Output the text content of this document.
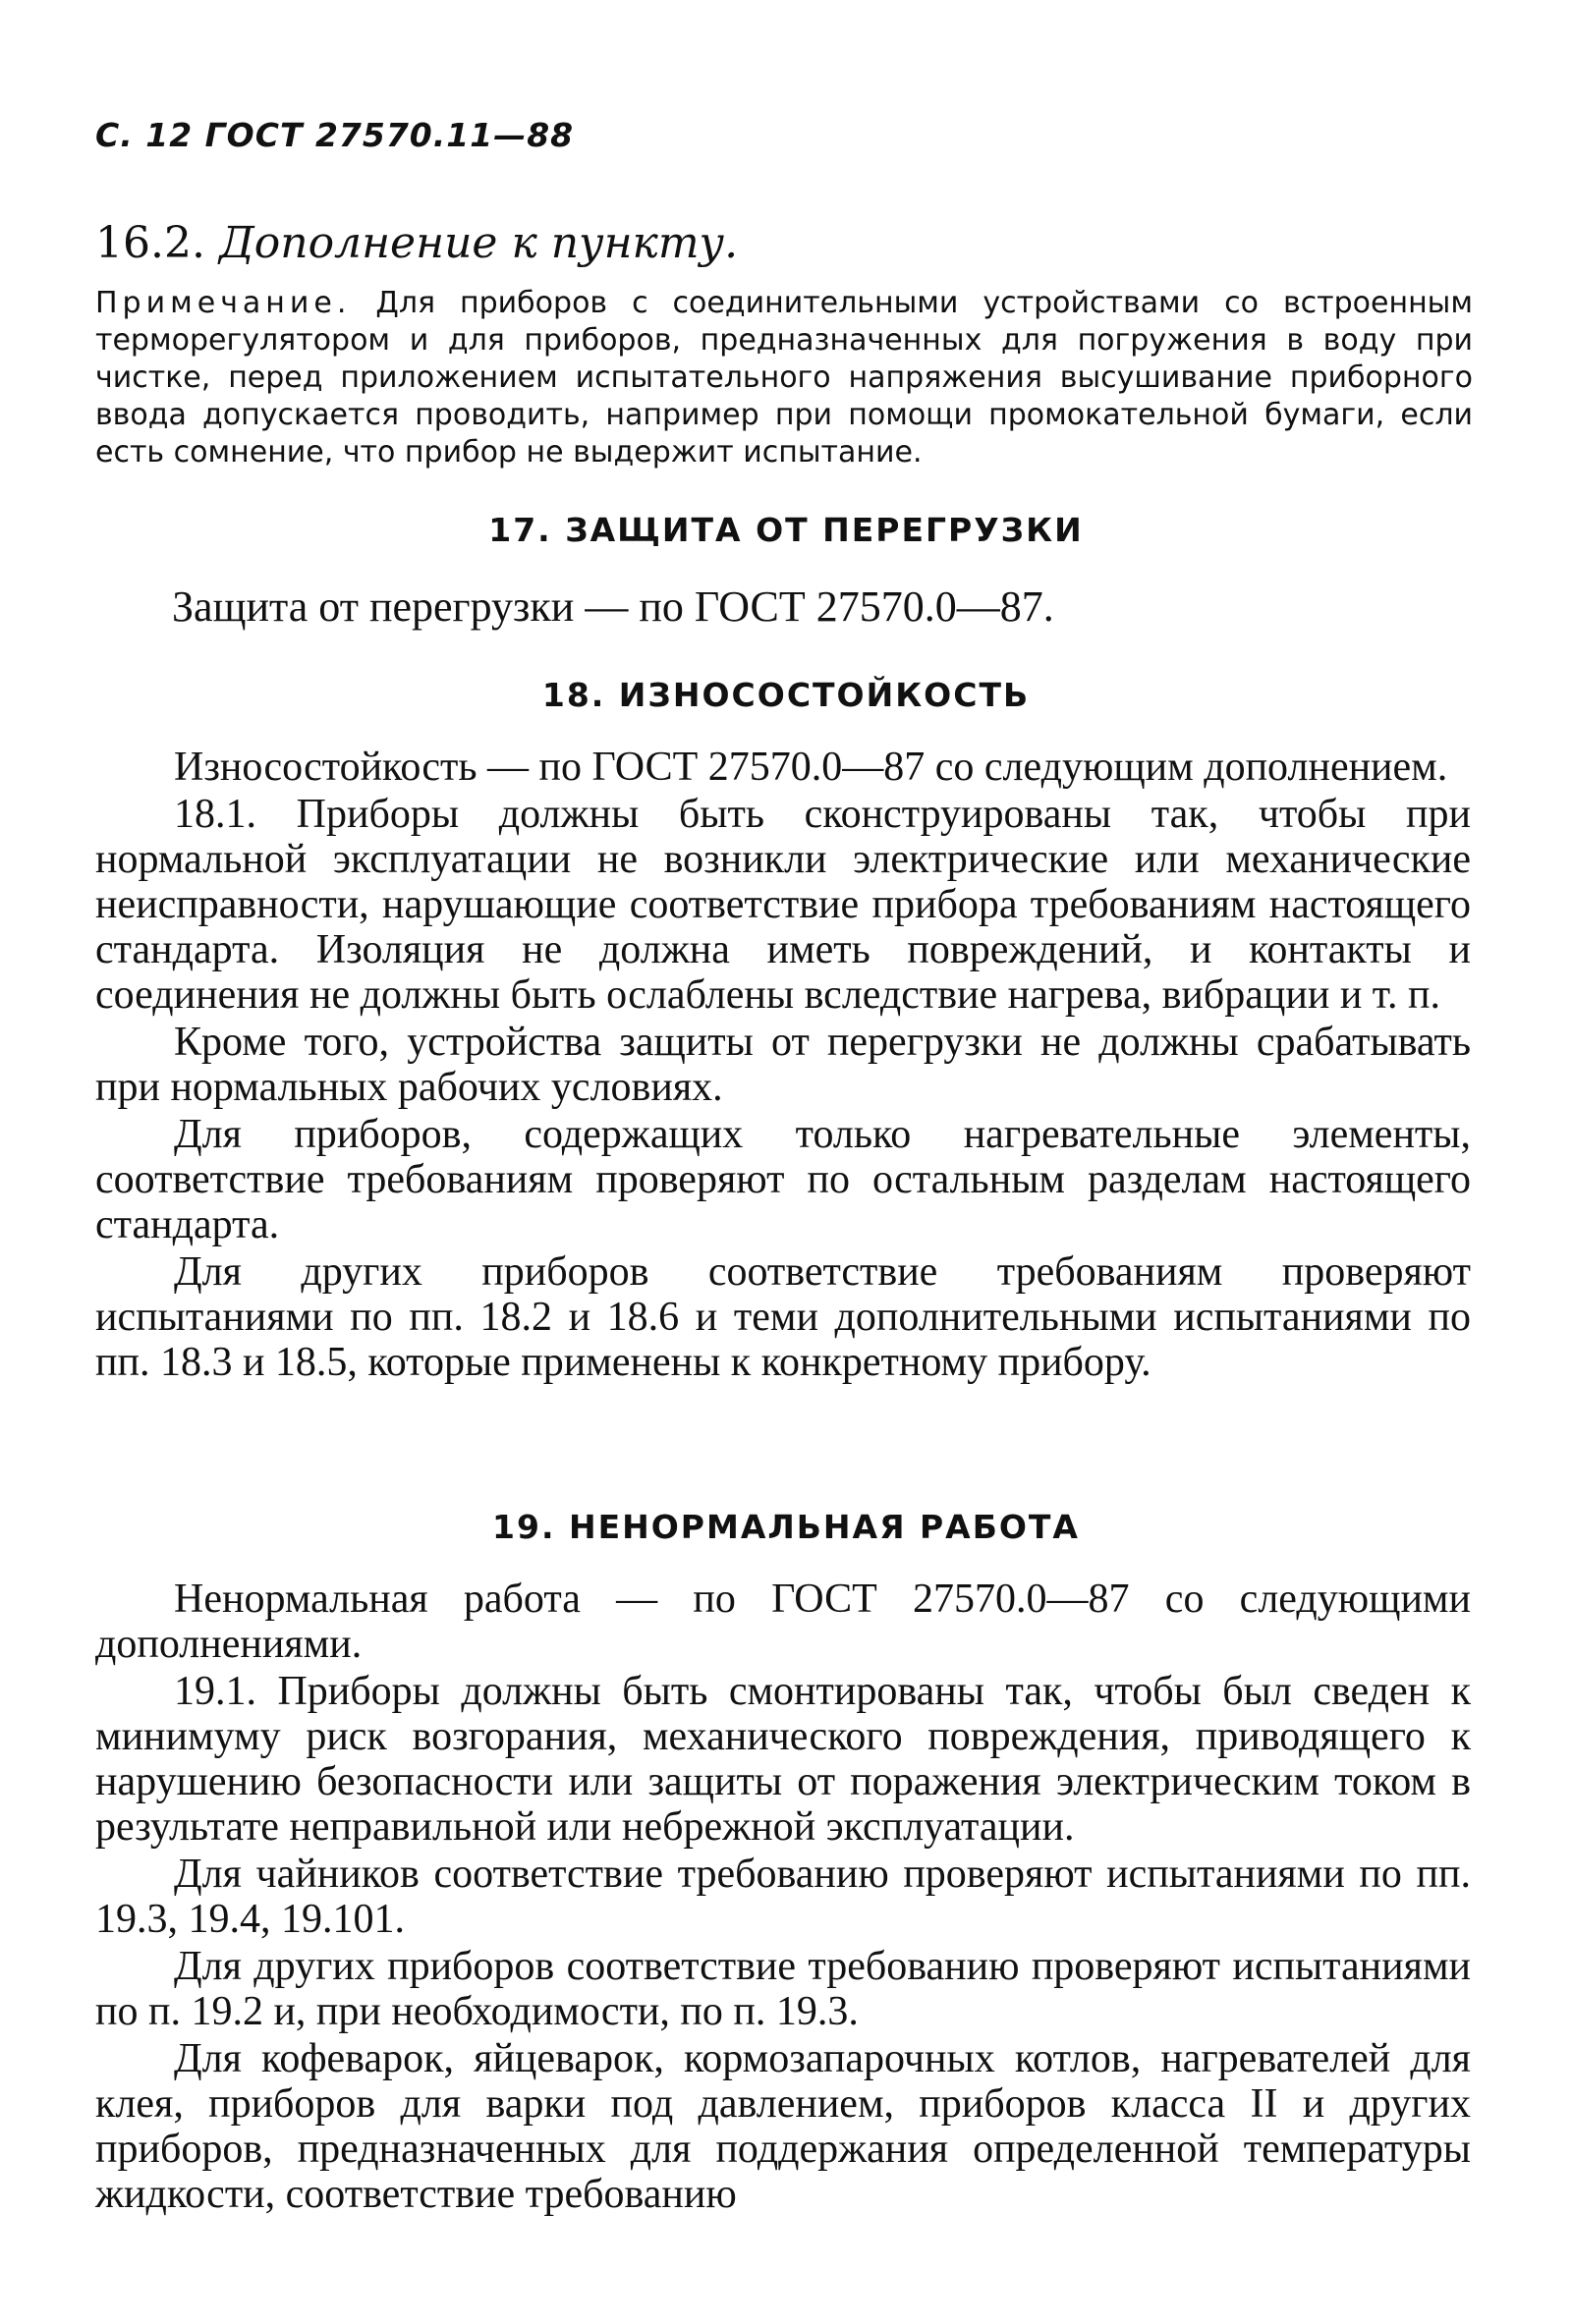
С. 12 ГОСТ 27570.11—88
16.2. Дополнение к пункту.
Примечание. Для приборов с соединительными устройствами со встроенным терморегулятором и для приборов, предназначенных для погружения в воду при чистке, перед приложением испытательного напряжения высушивание приборного ввода допускается проводить, например при помощи промокательной бумаги, если есть сомнение, что прибор не выдержит испытание.
17. ЗАЩИТА ОТ ПЕРЕГРУЗКИ
Защита от перегрузки — по ГОСТ 27570.0—87.
18. ИЗНОСОСТОЙКОСТЬ

Износостойкость — по ГОСТ 27570.0—87 со следующим дополнением.

18.1. Приборы должны быть сконструированы так, чтобы при нормальной эксплуатации не возникли электрические или механические неисправности, нарушающие соответствие прибора требованиям настоящего стандарта. Изоляция не должна иметь повреждений, и контакты и соединения не должны быть ослаблены вследствие нагрева, вибрации и т. п.

Кроме того, устройства защиты от перегрузки не должны срабатывать при нормальных рабочих условиях.

Для приборов, содержащих только нагревательные элементы, соответствие требованиям проверяют по остальным разделам настоящего стандарта.

Для других приборов соответствие требованиям проверяют испытаниями по пп. 18.2 и 18.6 и теми дополнительными испытаниями по пп. 18.3 и 18.5, которые применены к конкретному прибору.

19. НЕНОРМАЛЬНАЯ РАБОТА

Ненормальная работа — по ГОСТ 27570.0—87 со следующими дополнениями.

19.1. Приборы должны быть смонтированы так, чтобы был сведен к минимуму риск возгорания, механического повреждения, приводящего к нарушению безопасности или защиты от поражения электрическим током в результате неправильной или небрежной эксплуатации.

Для чайников соответствие требованию проверяют испытаниями по пп. 19.3, 19.4, 19.101.

Для других приборов соответствие требованию проверяют испытаниями по п. 19.2 и, при необходимости, по п. 19.3.

Для кофеварок, яйцеварок, кормозапарочных котлов, нагревателей для клея, приборов для варки под давлением, приборов класса II и других приборов, предназначенных для поддержания определенной температуры жидкости, соответствие требованию
